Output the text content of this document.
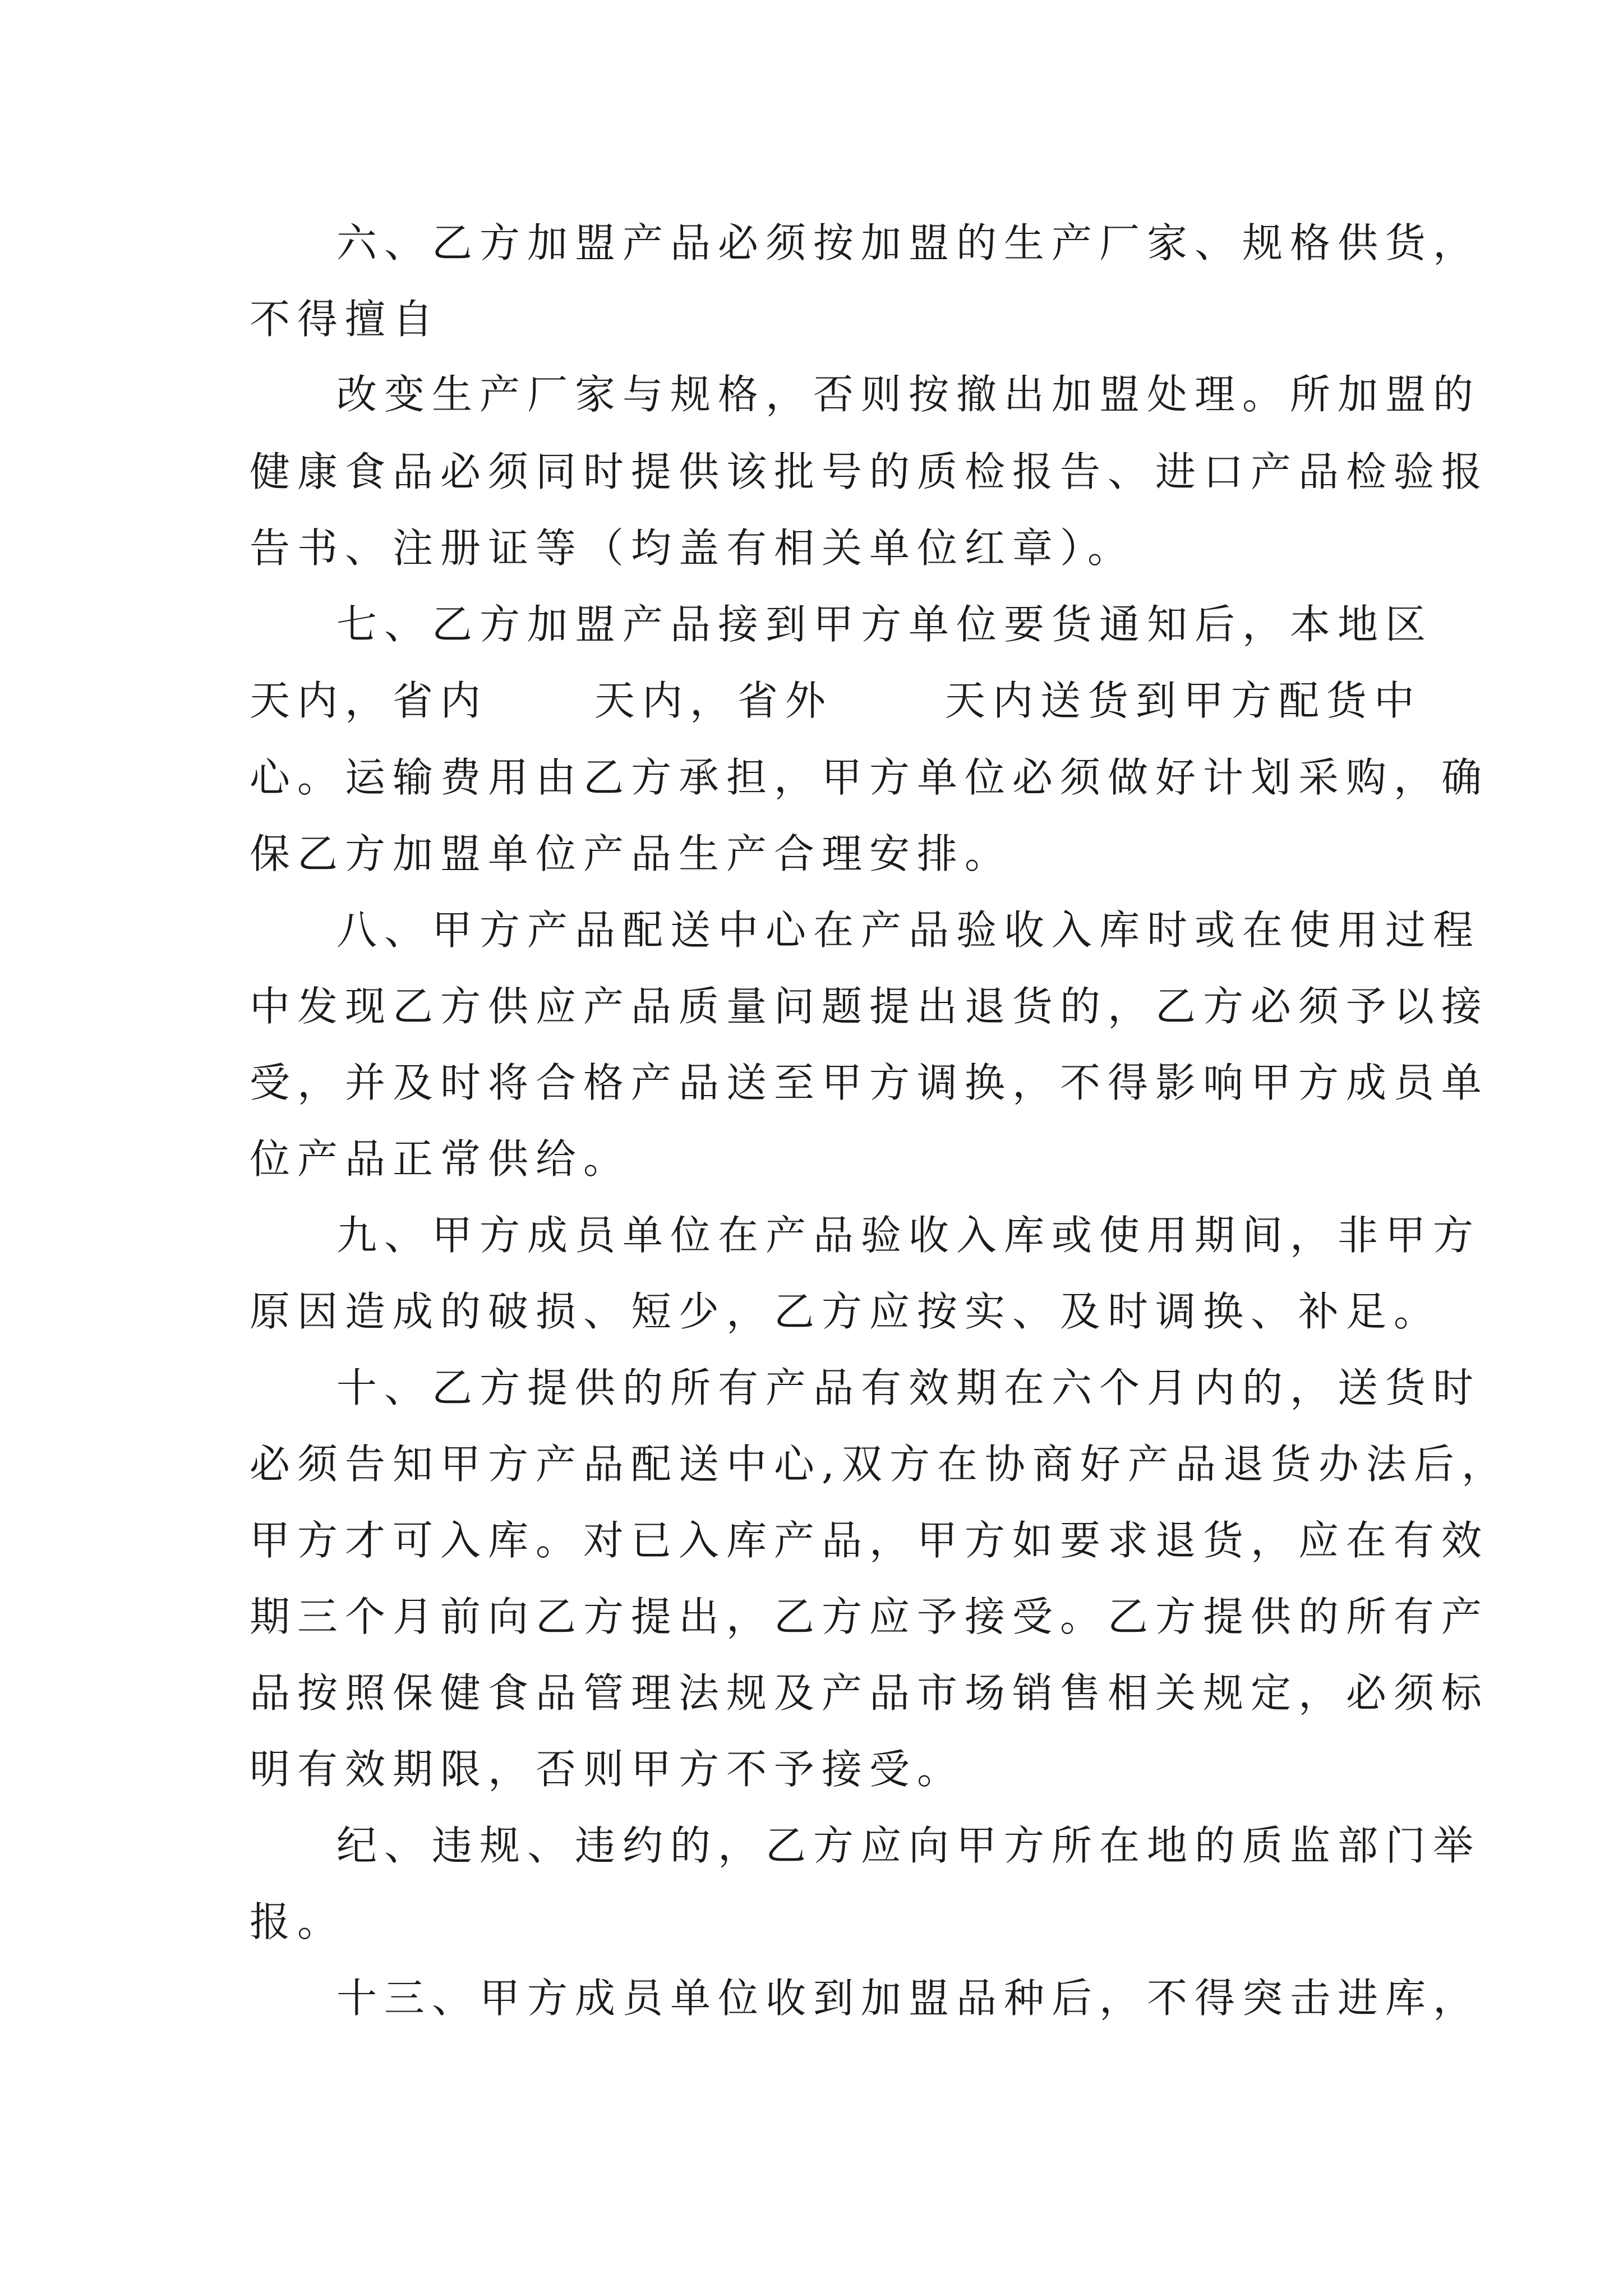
六、乙方加盟产品必须按加盟的生产厂家、规格供货，
不得擅自
改变生产厂家与规格，否则按撤出加盟处理。所加盟的
健康食品必须同时提供该批号的质检报告、进口产品检验报
告书、注册证等（均盖有相关单位红章）。
七、乙方加盟产品接到甲方单位要货通知后，本地区
天内，省内	天内，省外	天内送货到甲方配货中
心。运输费用由乙方承担，甲方单位必须做好计划采购，确
保乙方加盟单位产品生产合理安排。
八、甲方产品配送中心在产品验收入库时或在使用过程
中发现乙方供应产品质量问题提出退货的，乙方必须予以接
受，并及时将合格产品送至甲方调换，不得影响甲方成员单
位产品正常供给。
九、甲方成员单位在产品验收入库或使用期间，非甲方
原因造成的破损、短少，乙方应按实、及时调换、补足。
十、乙方提供的所有产品有效期在六个月内的，送货时
必须告知甲方产品配送中心,双方在协商好产品退货办法后，
甲方才可入库。对已入库产品，甲方如要求退货，应在有效
期三个月前向乙方提出，乙方应予接受。乙方提供的所有产
品按照保健食品管理法规及产品市场销售相关规定，必须标
明有效期限，否则甲方不予接受。
纪、违规、违约的，乙方应向甲方所在地的质监部门举
报。
十三、甲方成员单位收到加盟品种后，不得突击进库，
